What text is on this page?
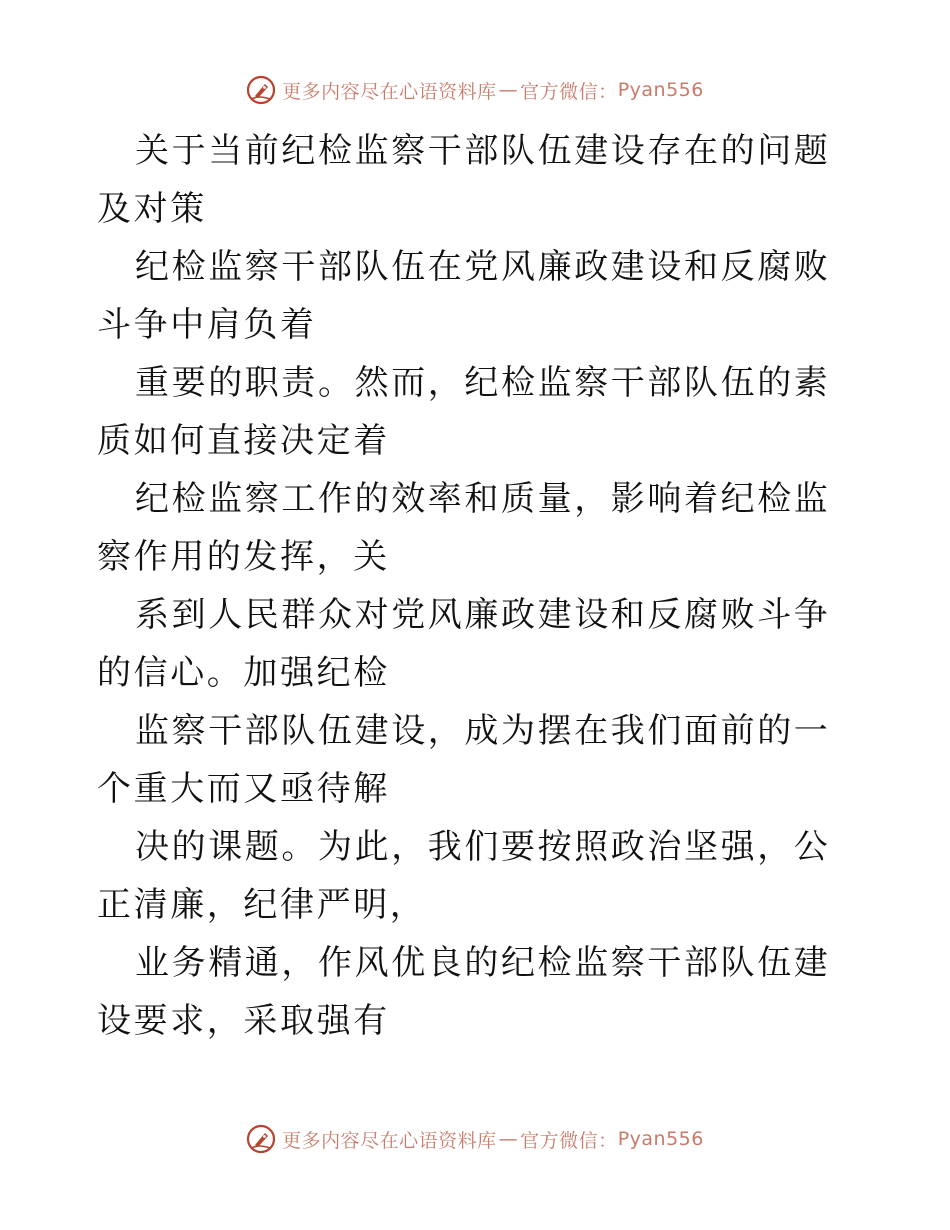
更多内容尽在心语资料库 — 官方微信： Pyan556

关于当前纪检监察干部队伍建设存在的问题及对策

纪检监察干部队伍在党风廉政建设和反腐败斗争中肩负着

重要的职责。然而，纪检监察干部队伍的素质如何直接决定着

纪检监察工作的效率和质量，影响着纪检监察作用的发挥，关

系到人民群众对党风廉政建设和反腐败斗争的信心。加强纪检

监察干部队伍建设，成为摆在我们面前的一个重大而又亟待解

决的课题。为此，我们要按照政治坚强，公正清廉，纪律严明，

业务精通，作风优良的纪检监察干部队伍建设要求，采取强有

更多内容尽在心语资料库 — 官方微信： Pyan556
